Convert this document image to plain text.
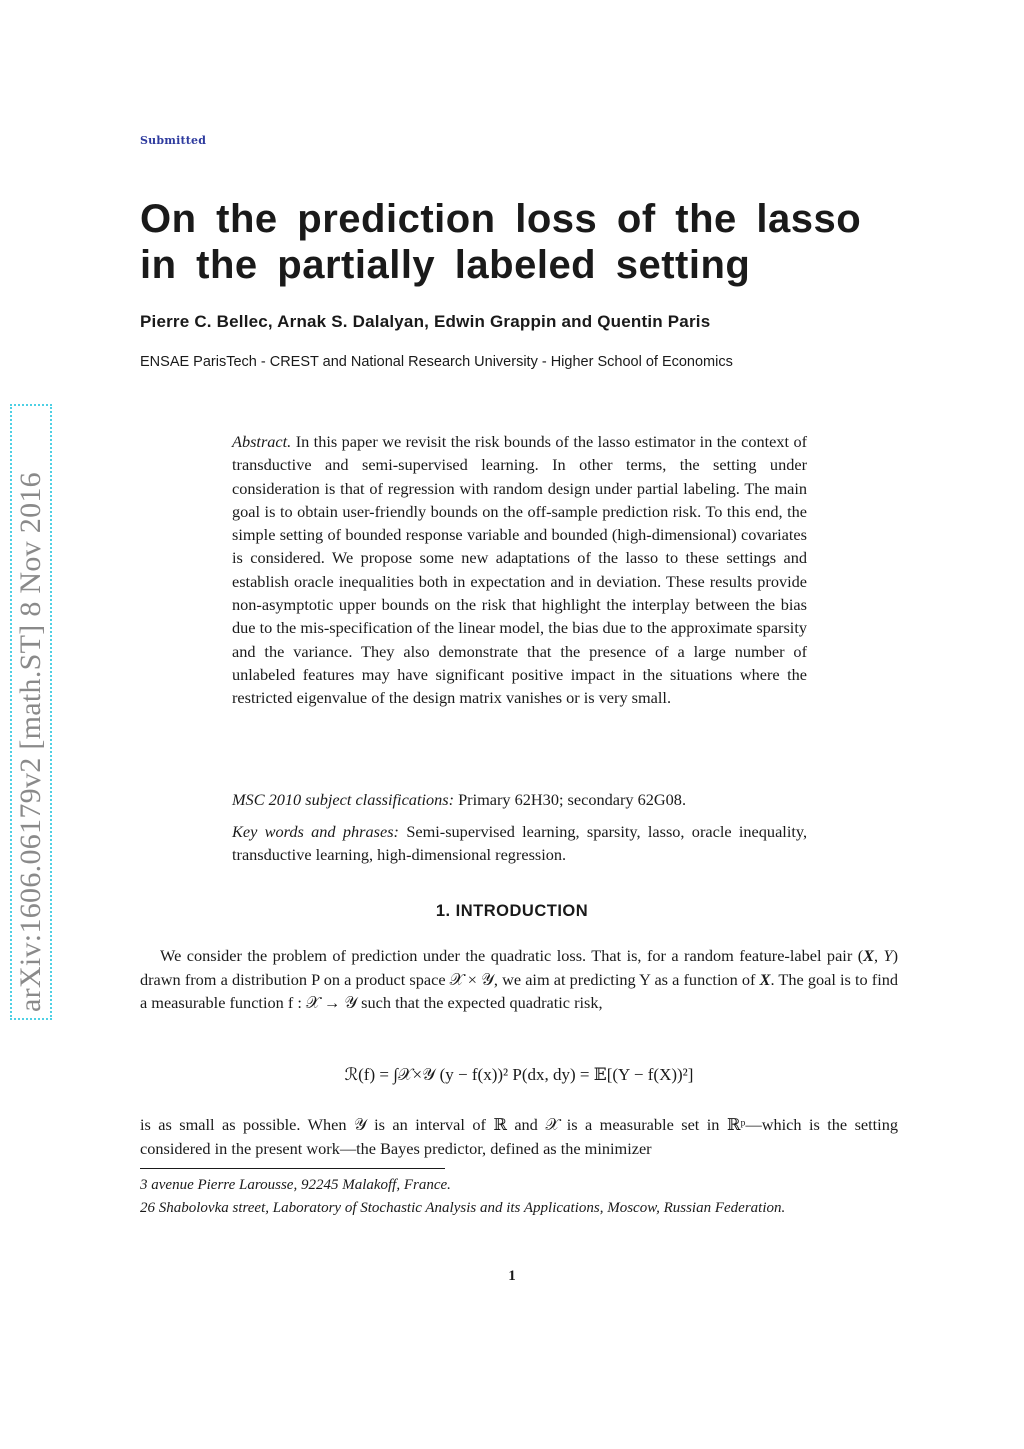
Submitted
On the prediction loss of the lasso in the partially labeled setting
Pierre C. Bellec, Arnak S. Dalalyan, Edwin Grappin and Quentin Paris
ENSAE ParisTech - CREST and National Research University - Higher School of Economics
arXiv:1606.06179v2 [math.ST] 8 Nov 2016
Abstract. In this paper we revisit the risk bounds of the lasso estimator in the context of transductive and semi-supervised learning. In other terms, the setting under consideration is that of regression with random design under partial labeling. The main goal is to obtain user-friendly bounds on the off-sample prediction risk. To this end, the simple setting of bounded response variable and bounded (high-dimensional) covariates is considered. We propose some new adaptations of the lasso to these settings and establish oracle inequalities both in expectation and in deviation. These results provide non-asymptotic upper bounds on the risk that highlight the interplay between the bias due to the mis-specification of the linear model, the bias due to the approximate sparsity and the variance. They also demonstrate that the presence of a large number of unlabeled features may have significant positive impact in the situations where the restricted eigenvalue of the design matrix vanishes or is very small.
MSC 2010 subject classifications: Primary 62H30; secondary 62G08.
Key words and phrases: Semi-supervised learning, sparsity, lasso, oracle inequality, transductive learning, high-dimensional regression.
1. INTRODUCTION

We consider the problem of prediction under the quadratic loss. That is, for a random feature-label pair (X, Y) drawn from a distribution P on a product space 𝒳 × 𝒴, we aim at predicting Y as a function of X. The goal is to find a measurable function f : 𝒳 → 𝒴 such that the expected quadratic risk,

ℛ(f) = ∫𝒳×𝒴 (y − f(x))² P(dx, dy) = 𝔼[(Y − f(X))²]
is as small as possible. When 𝒴 is an interval of ℝ and 𝒳 is a measurable set in ℝᵖ—which is the setting considered in the present work—the Bayes predictor, defined as the minimizer
3 avenue Pierre Larousse, 92245 Malakoff, France.
26 Shabolovka street, Laboratory of Stochastic Analysis and its Applications, Moscow, Russian Federation.
1
